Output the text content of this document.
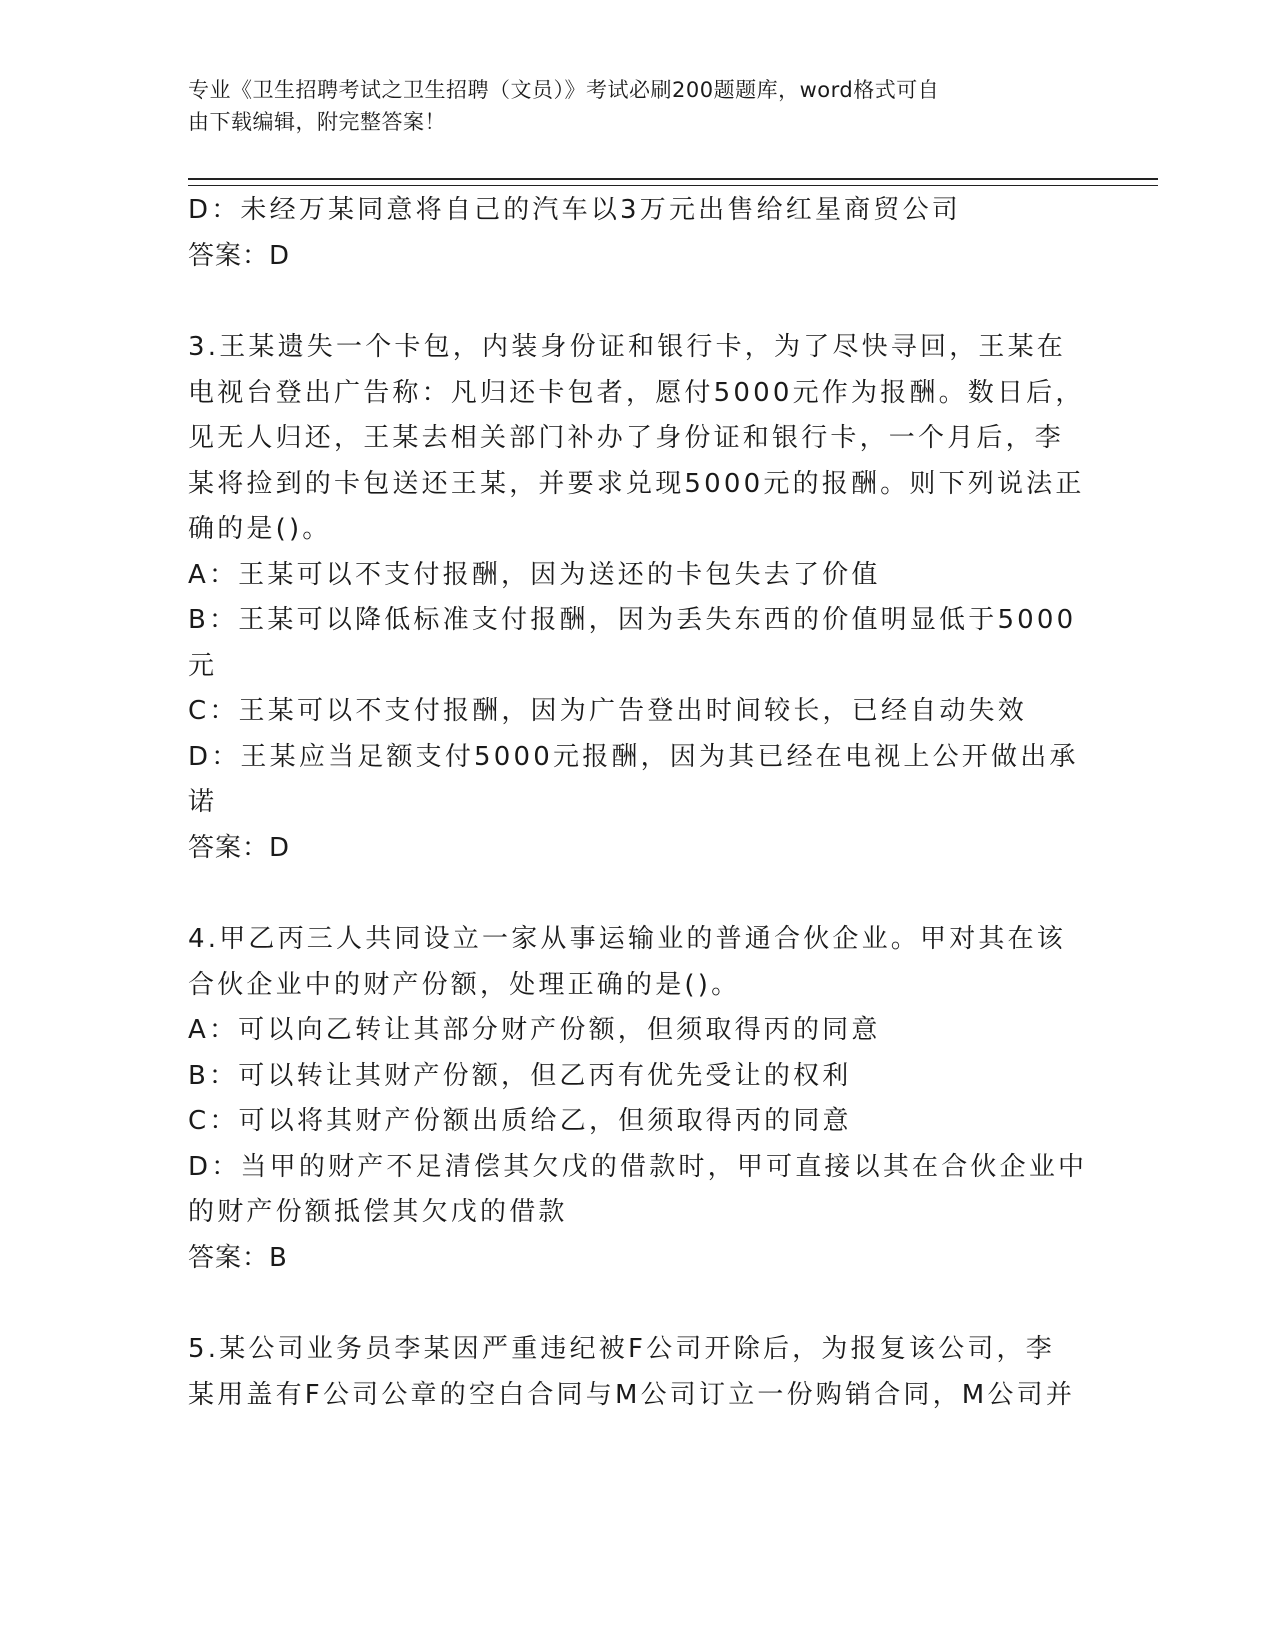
专业《卫生招聘考试之卫生招聘（文员）》考试必刷200题题库，word格式可自
由下载编辑，附完整答案！
D：未经万某同意将自己的汽车以3万元出售给红星商贸公司
答案：D
3.王某遗失一个卡包，内装身份证和银行卡，为了尽快寻回，王某在
电视台登出广告称：凡归还卡包者，愿付5000元作为报酬。数日后，
见无人归还，王某去相关部门补办了身份证和银行卡，一个月后，李
某将捡到的卡包送还王某，并要求兑现5000元的报酬。则下列说法正
确的是()。
A：王某可以不支付报酬，因为送还的卡包失去了价值
B：王某可以降低标准支付报酬，因为丢失东西的价值明显低于5000
元
C：王某可以不支付报酬，因为广告登出时间较长，已经自动失效
D：王某应当足额支付5000元报酬，因为其已经在电视上公开做出承
诺
答案：D
4.甲乙丙三人共同设立一家从事运输业的普通合伙企业。甲对其在该
合伙企业中的财产份额，处理正确的是()。
A：可以向乙转让其部分财产份额，但须取得丙的同意
B：可以转让其财产份额，但乙丙有优先受让的权利
C：可以将其财产份额出质给乙，但须取得丙的同意
D：当甲的财产不足清偿其欠戊的借款时，甲可直接以其在合伙企业中
的财产份额抵偿其欠戊的借款
答案：B
5.某公司业务员李某因严重违纪被F公司开除后，为报复该公司，李
某用盖有F公司公章的空白合同与M公司订立一份购销合同，M公司并
